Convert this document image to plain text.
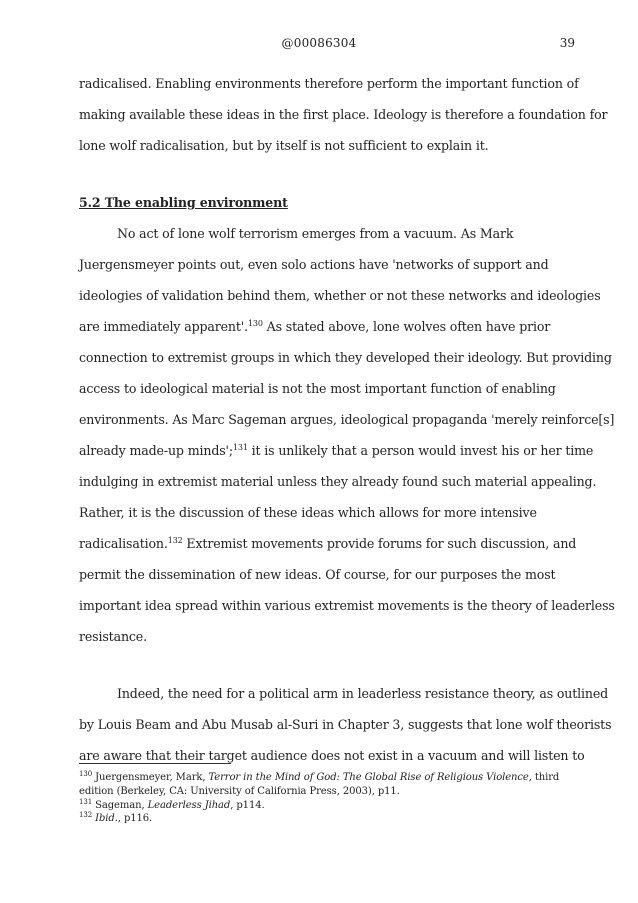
@00086304	39
radicalised. Enabling environments therefore perform the important function of
making available these ideas in the first place. Ideology is therefore a foundation for
lone wolf radicalisation, but by itself is not sufficient to explain it.
5.2 The enabling environment
No act of lone wolf terrorism emerges from a vacuum. As Mark
Juergensmeyer points out, even solo actions have 'networks of support and
ideologies of validation behind them, whether or not these networks and ideologies
are immediately apparent'.$^{130}$ As stated above, lone wolves often have prior
connection to extremist groups in which they developed their ideology. But providing
access to ideological material is not the most important function of enabling
environments. As Marc Sageman argues, ideological propaganda 'merely reinforce[s]
already made-up minds';$^{131}$ it is unlikely that a person would invest his or her time
indulging in extremist material unless they already found such material appealing.
Rather, it is the discussion of these ideas which allows for more intensive
radicalisation.$^{132}$ Extremist movements provide forums for such discussion, and
permit the dissemination of new ideas. Of course, for our purposes the most
important idea spread within various extremist movements is the theory of leaderless
resistance.
Indeed, the need for a political arm in leaderless resistance theory, as outlined
by Louis Beam and Abu Musab al-Suri in Chapter 3, suggests that lone wolf theorists
are aware that their target audience does not exist in a vacuum and will listen to
$^{130}$ Juergensmeyer, Mark, Terror in the Mind of God: The Global Rise of Religious Violence, third
edition (Berkeley, CA: University of California Press, 2003), p11.
$^{131}$ Sageman, Leaderless Jihad, p114.
$^{132}$ Ibid., p116.
